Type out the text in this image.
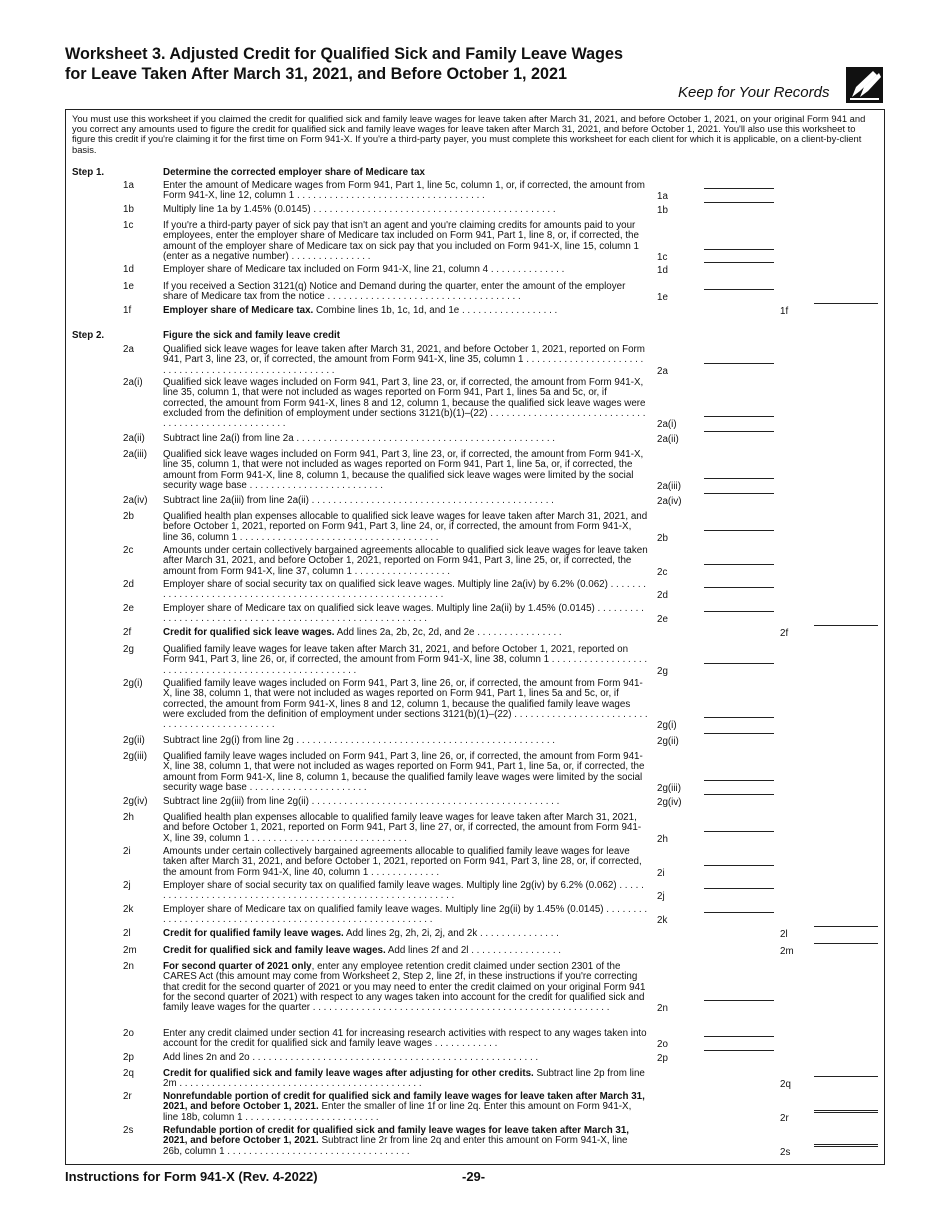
Worksheet 3. Adjusted Credit for Qualified Sick and Family Leave Wages for Leave Taken After March 31, 2021, and Before October 1, 2021
Keep for Your Records

You must use this worksheet if you claimed the credit for qualified sick and family leave wages for leave taken after March 31, 2021, and before October 1, 2021, on your original Form 941 and you correct any amounts used to figure the credit for qualified sick and family leave wages for leave taken after March 31, 2021, and before October 1, 2021. You'll also use this worksheet to figure this credit if you're claiming it for the first time on Form 941-X. If you're a third-party payer, you must complete this worksheet for each client for which it is applicable, on a client-by-client basis.

Step 1.	Determine the corrected employer share of Medicare tax
1a	Enter the amount of Medicare wages from Form 941, Part 1, line 5c, column 1, or, if corrected, the amount from Form 941-X, line 12, column 1 . . . . . . . . . . . . . . . . . . . . . . . . . . . . . . . . . . .	1a
1b	Multiply line 1a by 1.45% (0.0145) . . . . . . . . . . . . . . . . . . . . . . . . . . . . . . . . . . . . . . . . . . . . .	1b
1c	If you're a third-party payer of sick pay that isn't an agent and you're claiming credits for amounts paid to your employees, enter the employer share of Medicare tax included on Form 941, Part 1, line 8, or, if corrected, the amount of the employer share of Medicare tax on sick pay that you included on Form 941-X, line 15, column 1 (enter as a negative number) . . . . . . . . . . . . . . .	1c
1d	Employer share of Medicare tax included on Form 941-X, line 21, column 4 . . . . . . . . . . . . . .	1d
1e	If you received a Section 3121(q) Notice and Demand during the quarter, enter the amount of the employer share of Medicare tax from the notice . . . . . . . . . . . . . . . . . . . . . . . . . . . . . . . . . . . .	1e
1f	Employer share of Medicare tax. Combine lines 1b, 1c, 1d, and 1e . . . . . . . . . . . . . . . . . .	1f
Step 2.	Figure the sick and family leave credit
2a	Qualified sick leave wages for leave taken after March 31, 2021, and before October 1, 2021, reported on Form 941, Part 3, line 23, or, if corrected, the amount from Form 941-X, line 35, column 1 . . . . . . . . . . . . . . . . . . . . . . . . . . . . . . . . . . . . . . . . . . . . . . . . . . . . . .	2a
2a(i) Qualified sick leave wages included on Form 941, Part 3, line 23, or, if corrected, the amount from Form 941-X, line 35, column 1, that were not included as wages reported on Form 941, Part 1, lines 5a and 5c, or, if corrected, the amount from Form 941-X, lines 8 and 12, column 1, because the qualified sick leave wages were excluded from the definition of employment under sections 3121(b)(1)–(22) . . . . . . . . . . . . . . . . . . . . . . . . . . . . . . . . . . . . . . . . . . . . . . . . . . . .	2a(i)
2a(ii) Subtract line 2a(i) from line 2a . . . . . . . . . . . . . . . . . . . . . . . . . . . . . . . . . . . . . . . . . . . . . . . .	2a(ii)
2a(iii) Qualified sick leave wages included on Form 941, Part 3, line 23, or, if corrected, the amount from Form 941-X, line 35, column 1, that were not included as wages reported on Form 941, Part 1, line 5a, or, if corrected, the amount from Form 941-X, line 8, column 1, because the qualified sick leave wages were limited by the social security wage base . . . . . . . . . . . . . . . . . . . . . . . . .	2a(iii)
2a(iv) Subtract line 2a(iii) from line 2a(ii) . . . . . . . . . . . . . . . . . . . . . . . . . . . . . . . . . . . . . . . . . . . . .	2a(iv)
2b	Qualified health plan expenses allocable to qualified sick leave wages for leave taken after March 31, 2021, and before October 1, 2021, reported on Form 941, Part 3, line 24, or, if corrected, the amount from Form 941-X, line 36, column 1 . . . . . . . . . . . . . . . . . . . . . . . . . . . . . . . . . . . . .	2b
2c	Amounts under certain collectively bargained agreements allocable to qualified sick leave wages for leave taken after March 31, 2021, and before October 1, 2021, reported on Form 941, Part 3, line 25, or, if corrected, the amount from Form 941-X, line 37, column 1 . . . . . . . . . . . . . . . . . .	2c
2d	Employer share of social security tax on qualified sick leave wages. Multiply line 2a(iv) by 6.2% (0.062) . . . . . . . . . . . . . . . . . . . . . . . . . . . . . . . . . . . . . . . . . . . . . . . . . . . . . . . . . . .	2d
2e	Employer share of Medicare tax on qualified sick leave wages. Multiply line 2a(ii) by 1.45% (0.0145) . . . . . . . . . . . . . . . . . . . . . . . . . . . . . . . . . . . . . . . . . . . . . . . . . . . . . . . . . .	2e
2f	Credit for qualified sick leave wages. Add lines 2a, 2b, 2c, 2d, and 2e . . . . . . . . . . . . . . . .	2f
2g	Qualified family leave wages for leave taken after March 31, 2021, and before October 1, 2021, reported on Form 941, Part 3, line 26, or, if corrected, the amount from Form 941-X, line 38, column 1 . . . . . . . . . . . . . . . . . . . . . . . . . . . . . . . . . . . . . . . . . . . . . . . . . . . . . .	2g
2g(i) Qualified family leave wages included on Form 941, Part 3, line 26, or, if corrected, the amount from Form 941-X, line 38, column 1, that were not included as wages reported on Form 941, Part 1, lines 5a and 5c, or, if corrected, the amount from Form 941-X, lines 8 and 12, column 1, because the qualified family leave wages were excluded from the definition of employment under sections 3121(b)(1)–(22) . . . . . . . . . . . . . . . . . . . . . . . . . . . . . . . . . . . . . . . . . . . . . .	2g(i)
2g(ii) Subtract line 2g(i) from line 2g . . . . . . . . . . . . . . . . . . . . . . . . . . . . . . . . . . . . . . . . . . . . . . . .	2g(ii)
2g(iii) Qualified family leave wages included on Form 941, Part 3, line 26, or, if corrected, the amount from Form 941-X, line 38, column 1, that were not included as wages reported on Form 941, Part 1, line 5a, or, if corrected, the amount from Form 941-X, line 8, column 1, because the qualified family leave wages were limited by the social security wage base . . . . . . . . . . . . . . . . . . . . . .	2g(iii)
2g(iv) Subtract line 2g(iii) from line 2g(ii) . . . . . . . . . . . . . . . . . . . . . . . . . . . . . . . . . . . . . . . . . . . . . .	2g(iv)
2h	Qualified health plan expenses allocable to qualified family leave wages for leave taken after March 31, 2021, and before October 1, 2021, reported on Form 941, Part 3, line 27, or, if corrected, the amount from Form 941-X, line 39, column 1 . . . . . . . . . . . . . . . . . . . . . . . . . . . . .	2h
2i	Amounts under certain collectively bargained agreements allocable to qualified family leave wages for leave taken after March 31, 2021, and before October 1, 2021, reported on Form 941, Part 3, line 28, or, if corrected, the amount from Form 941-X, line 40, column 1 . . . . . . . . . . . . .	2i
2j	Employer share of social security tax on qualified family leave wages. Multiply line 2g(iv) by 6.2% (0.062) . . . . . . . . . . . . . . . . . . . . . . . . . . . . . . . . . . . . . . . . . . . . . . . . . . . . . . . . . . .	2j
2k	Employer share of Medicare tax on qualified family leave wages. Multiply line 2g(ii) by 1.45% (0.0145) . . . . . . . . . . . . . . . . . . . . . . . . . . . . . . . . . . . . . . . . . . . . . . . . . . . . . . . . . .	2k
2l	Credit for qualified family leave wages. Add lines 2g, 2h, 2i, 2j, and 2k . . . . . . . . . . . . . . .	2l
2m	Credit for qualified sick and family leave wages. Add lines 2f and 2l . . . . . . . . . . . . . . . . .	2m
2n	For second quarter of 2021 only, enter any employee retention credit claimed under section 2301 of the CARES Act (this amount may come from Worksheet 2, Step 2, line 2f, in these instructions if you're correcting that credit for the second quarter of 2021 or you may need to enter the credit claimed on your original Form 941 for the second quarter of 2021) with respect to any wages taken into account for the credit for qualified sick and family leave wages for the quarter . . . . . . . . . . . . . . . . . . . . . . . . . . . . . . . . . . . . . . . . . . . . . . . . . . . . . . .	2n
2o	Enter any credit claimed under section 41 for increasing research activities with respect to any wages taken into account for the credit for qualified sick and family leave wages . . . . . . . . . . . .	2o
2p	Add lines 2n and 2o . . . . . . . . . . . . . . . . . . . . . . . . . . . . . . . . . . . . . . . . . . . . . . . . . . . . .	2p
2q	Credit for qualified sick and family leave wages after adjusting for other credits. Subtract line 2p from line 2m . . . . . . . . . . . . . . . . . . . . . . . . . . . . . . . . . . . . . . . . . . . . .	2q
2r	Nonrefundable portion of credit for qualified sick and family leave wages for leave taken after March 31, 2021, and before October 1, 2021. Enter the smaller of line 1f or line 2q. Enter this amount on Form 941-X, line 18b, column 1 . . . . . . . . . . . . . . . . . . . . . . . . .	2r
2s	Refundable portion of credit for qualified sick and family leave wages for leave taken after March 31, 2021, and before October 1, 2021. Subtract line 2r from line 2q and enter this amount on Form 941-X, line 26b, column 1 . . . . . . . . . . . . . . . . . . . . . . . . . . . . . . . . . .	2s
Instructions for Form 941-X (Rev. 4-2022)	-29-
